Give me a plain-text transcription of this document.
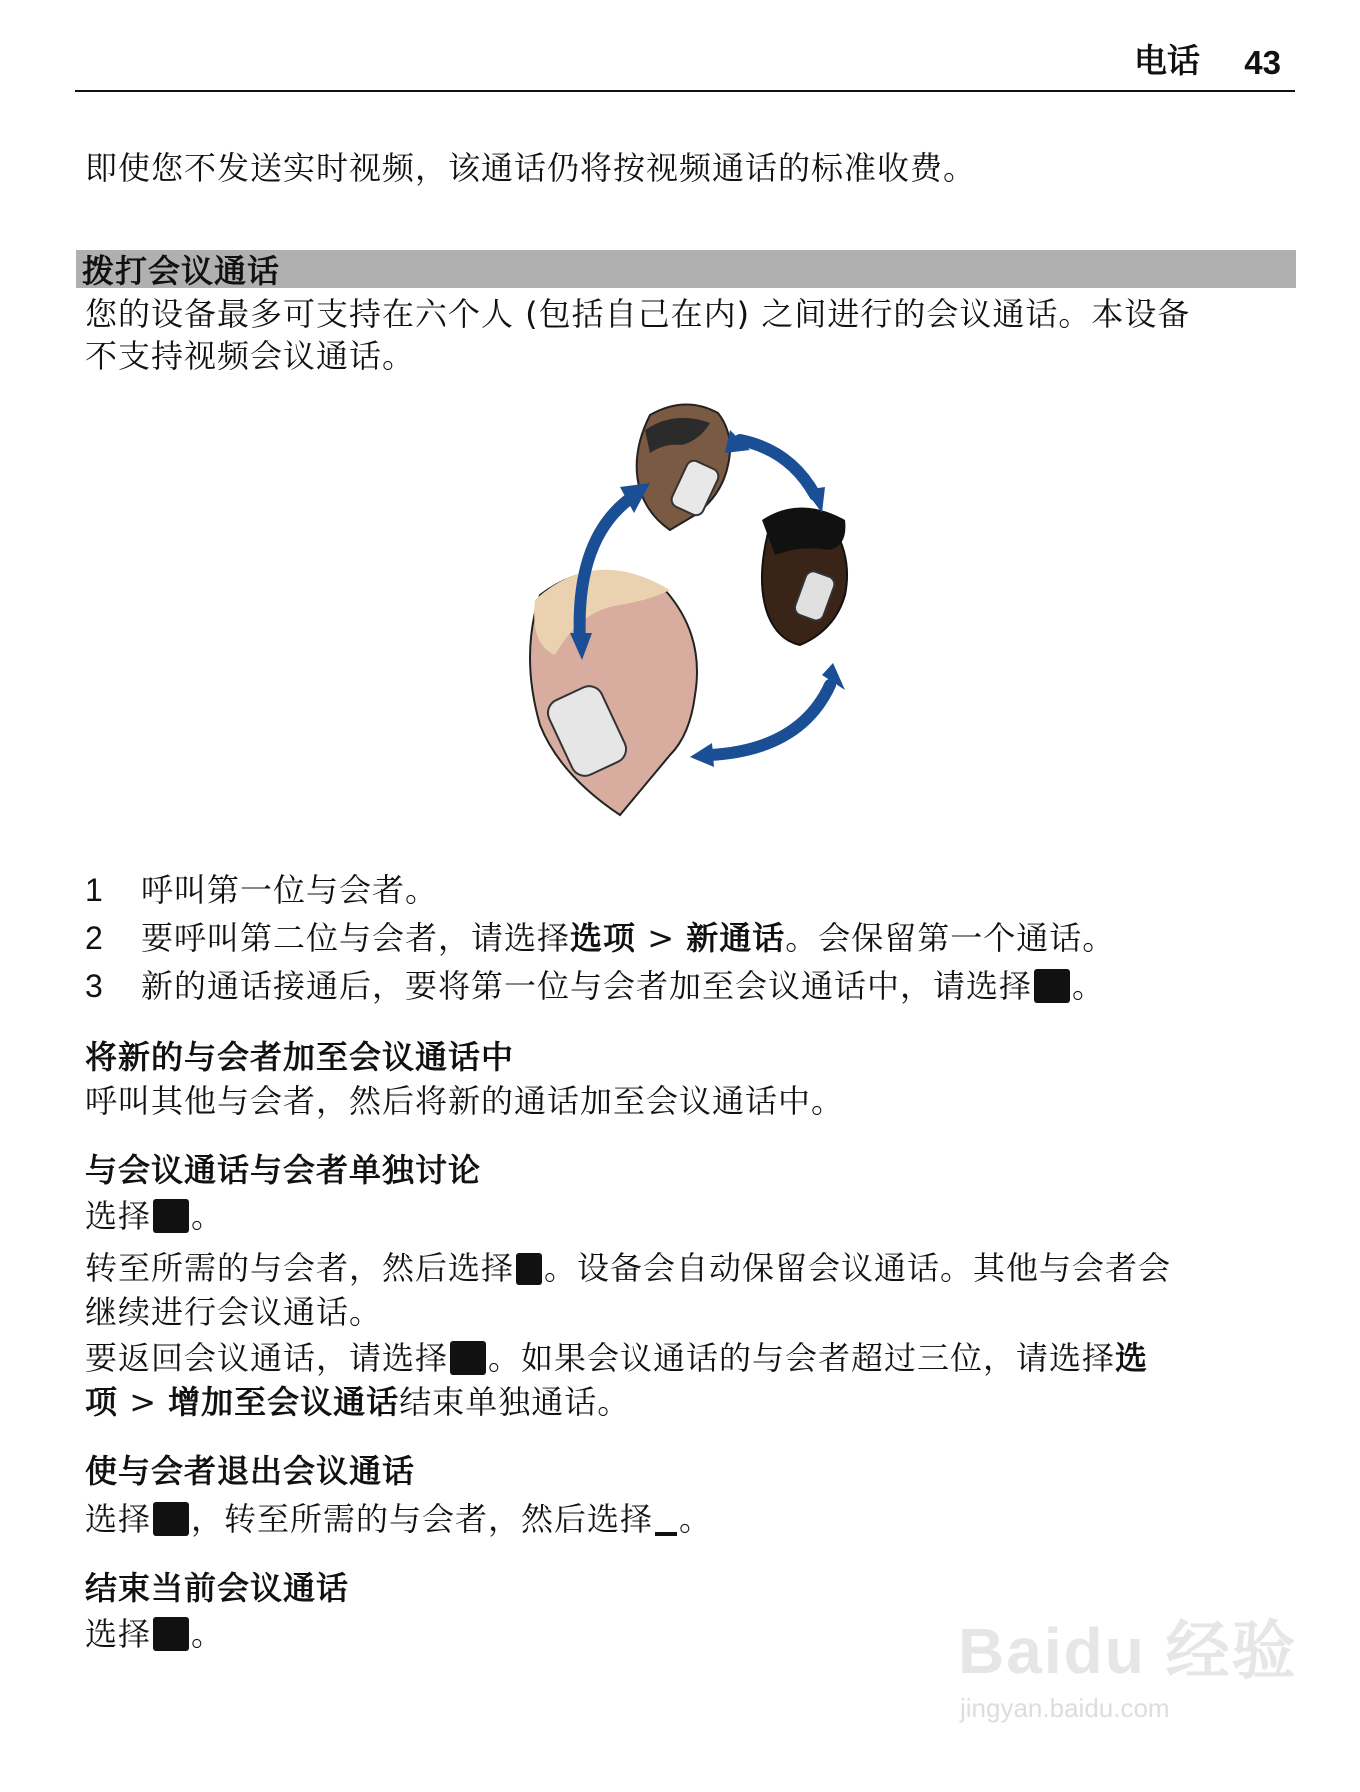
电话 43
即使您不发送实时视频，该通话仍将按视频通话的标准收费。
拨打会议通话
您的设备最多可支持在六个人 (包括自己在内) 之间进行的会议通话。本设备
不支持视频会议通话。
1 呼叫第一位与会者。
2 要呼叫第二位与会者，请选择选项 > 新通话。会保留第一个通话。
3 新的通话接通后，要将第一位与会者加至会议通话中，请选择 。
将新的与会者加至会议通话中
呼叫其他与会者，然后将新的通话加至会议通话中。
与会议通话与会者单独讨论
选择 。
转至所需的与会者，然后选择 。设备会自动保留会议通话。其他与会者会
继续进行会议通话。
要返回会议通话，请选择 。如果会议通话的与会者超过三位，请选择选
项 > 增加至会议通话结束单独通话。
使与会者退出会议通话
选择 ，转至所需的与会者，然后选择 。
结束当前会议通话
选择 。	Baidu 经验
jingyan.baidu.com
